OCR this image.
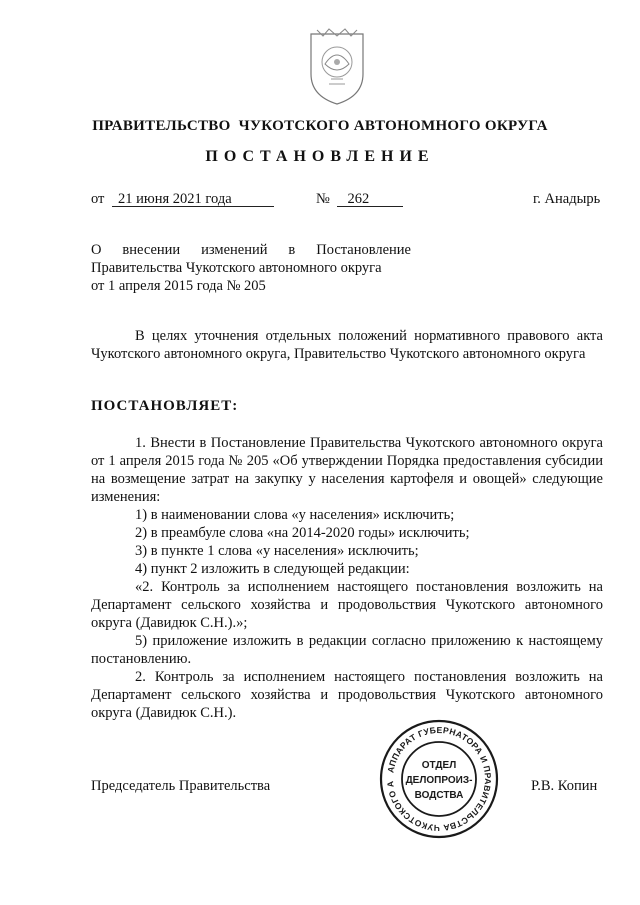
ПРАВИТЕЛЬСТВО  ЧУКОТСКОГО АВТОНОМНОГО ОКРУГА
ПОСТАНОВЛЕНИЕ
от 21 июня 2021 года	№ 262	г. Анадырь
О  внесении  изменений  в  Постановление
Правительства Чукотского автономного округа
от 1 апреля 2015 года № 205

В целях уточнения отдельных положений нормативного правового акта Чукотского автономного округа, Правительство Чукотского автономного округа

ПОСТАНОВЛЯЕТ:

1. Внести в Постановление Правительства Чукотского автономного округа от 1 апреля 2015 года № 205 «Об утверждении Порядка предоставления субсидии на возмещение затрат на закупку у населения картофеля и овощей» следующие изменения:

1) в наименовании слова «у населения» исключить;

2) в преамбуле слова «на 2014-2020 годы» исключить;

3) в пункте 1 слова «у населения» исключить;

4) пункт 2 изложить в следующей редакции:

«2. Контроль за исполнением настоящего постановления возложить на Департамент сельского хозяйства и продовольствия Чукотского автономного округа (Давидюк С.Н.).»;

5) приложение изложить в редакции согласно приложению к настоящему постановлению.

2. Контроль за исполнением настоящего постановления возложить на Департамент сельского хозяйства и продовольствия Чукотского автономного округа (Давидюк С.Н.).

Председатель Правительства	Р.В. Копин
АППАРАТ ГУБЕРНАТОРА И ПРАВИТЕЛЬСТВА ЧУКОТСКОГО А
ОТДЕЛ
ДЕЛОПРОИЗ-
ВОДСТВА
